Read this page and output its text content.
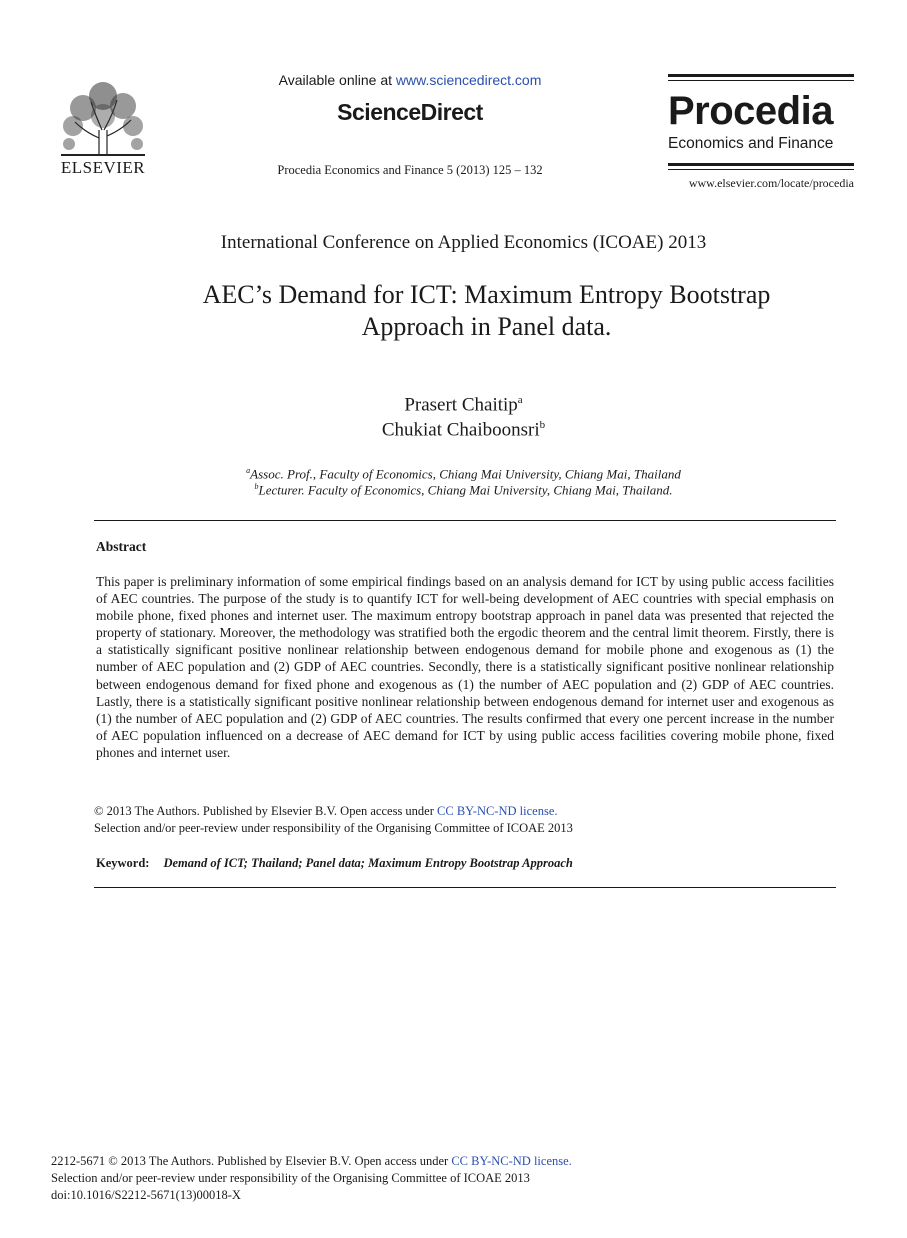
ELSEVIER
Available online at www.sciencedirect.com
ScienceDirect
Procedia Economics and Finance 5 (2013) 125 – 132
Procedia
Economics and Finance
www.elsevier.com/locate/procedia
International Conference on Applied Economics (ICOAE) 2013
AEC’s Demand for ICT: Maximum Entropy Bootstrap
Approach in Panel data.
Prasert Chaitip$^a$
Chukiat Chaiboonsri$^b$
$^a$Assoc. Prof., Faculty of Economics, Chiang Mai University, Chiang Mai, Thailand
$^b$Lecturer. Faculty of Economics, Chiang Mai University, Chiang Mai, Thailand.
Abstract
This paper is preliminary information of some empirical findings based on an analysis demand for ICT by using public access facilities of AEC countries. The purpose of the study is to quantify ICT for well-being development of AEC countries with special emphasis on mobile phone, fixed phones and internet user. The maximum entropy bootstrap approach in panel data was presented that rejected the property of stationary. Moreover, the methodology was stratified both the ergodic theorem and the central limit theorem. Firstly, there is a statistically significant positive nonlinear relationship between endogenous demand for mobile phone and exogenous as (1) the number of AEC population and (2) GDP of AEC countries. Secondly, there is a statistically significant positive nonlinear relationship between endogenous demand for fixed phone and exogenous as (1) the number of AEC population and (2) GDP of AEC countries. Lastly, there is a statistically significant positive nonlinear relationship between endogenous demand for internet user and exogenous as (1) the number of AEC population and (2) GDP of AEC countries. The results confirmed that every one percent increase in the number of AEC population influenced on a decrease of AEC demand for ICT by using public access facilities covering mobile phone, fixed phones and internet user.
© 2013 The Authors. Published by Elsevier B.V. Open access under CC BY-NC-ND license.
Selection and/or peer-review under responsibility of the Organising Committee of ICOAE 2013
Keyword: Demand of ICT; Thailand; Panel data; Maximum Entropy Bootstrap Approach
2212-5671 © 2013 The Authors. Published by Elsevier B.V. Open access under CC BY-NC-ND license.
Selection and/or peer-review under responsibility of the Organising Committee of ICOAE 2013
doi:10.1016/S2212-5671(13)00018-X
